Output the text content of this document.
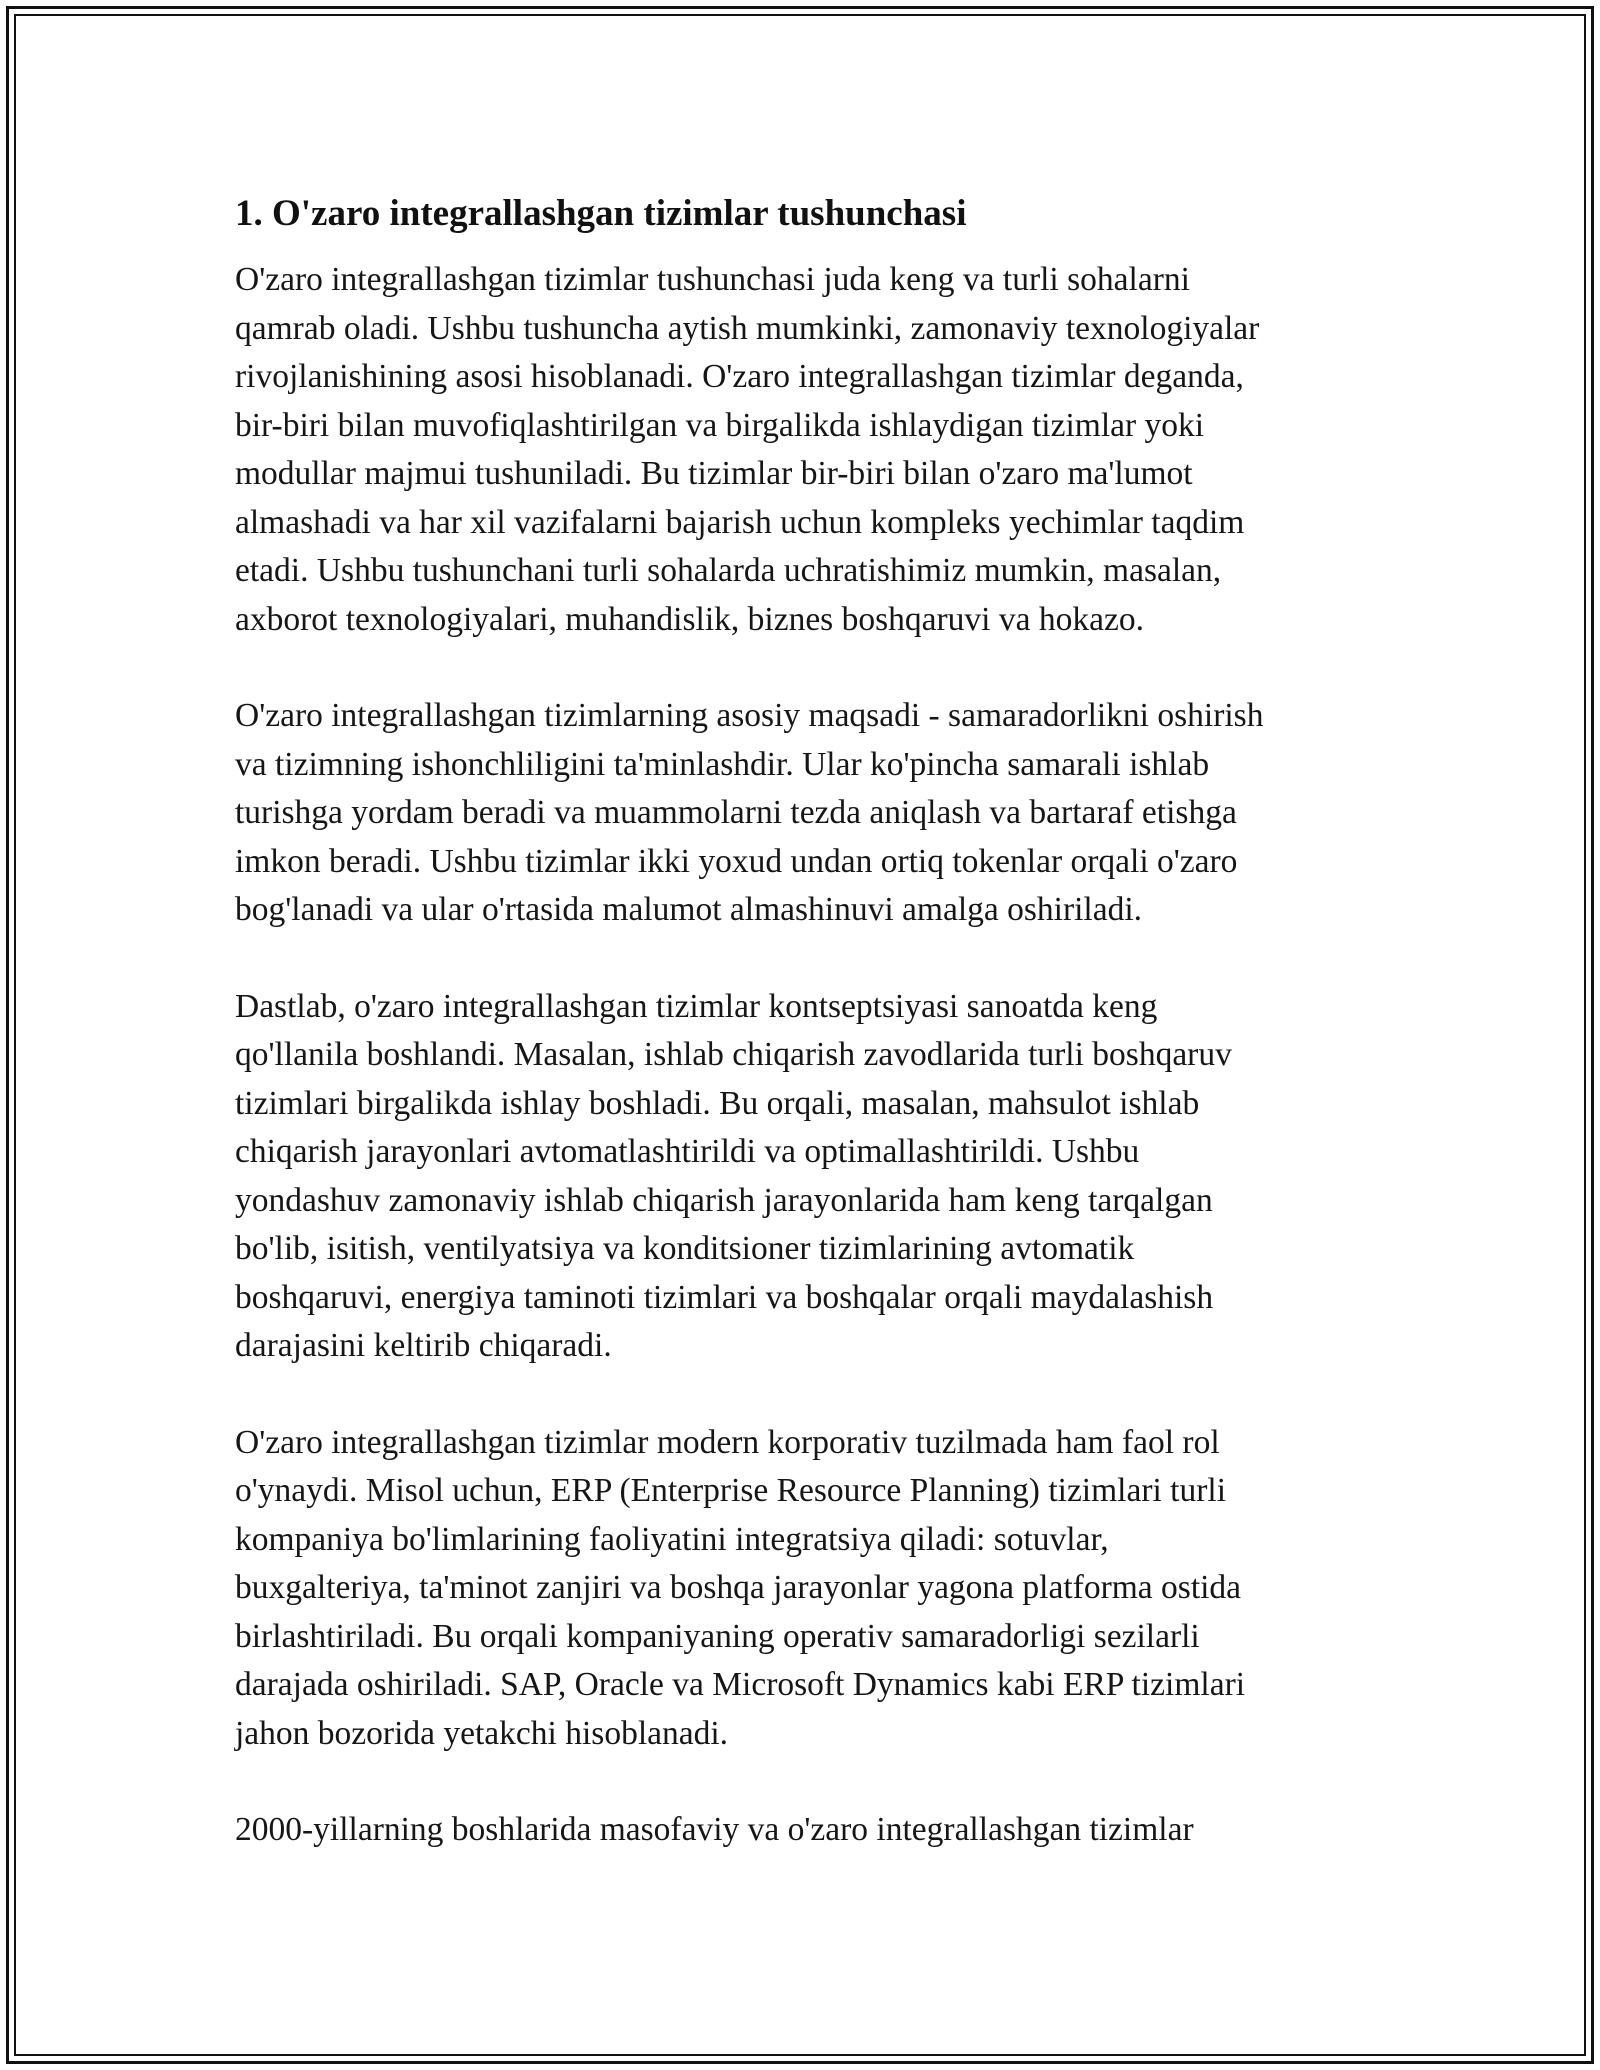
1. O'zaro integrallashgan tizimlar tushunchasi

O'zaro integrallashgan tizimlar tushunchasi juda keng va turli sohalarni
qamrab oladi. Ushbu tushuncha aytish mumkinki, zamonaviy texnologiyalar
rivojlanishining asosi hisoblanadi. O'zaro integrallashgan tizimlar deganda,
bir-biri bilan muvofiqlashtirilgan va birgalikda ishlaydigan tizimlar yoki
modullar majmui tushuniladi. Bu tizimlar bir-biri bilan o'zaro ma'lumot
almashadi va har xil vazifalarni bajarish uchun kompleks yechimlar taqdim
etadi. Ushbu tushunchani turli sohalarda uchratishimiz mumkin, masalan,
axborot texnologiyalari, muhandislik, biznes boshqaruvi va hokazo.

O'zaro integrallashgan tizimlarning asosiy maqsadi - samaradorlikni oshirish
va tizimning ishonchliligini ta'minlashdir. Ular ko'pincha samarali ishlab
turishga yordam beradi va muammolarni tezda aniqlash va bartaraf etishga
imkon beradi. Ushbu tizimlar ikki yoxud undan ortiq tokenlar orqali o'zaro
bog'lanadi va ular o'rtasida malumot almashinuvi amalga oshiriladi.

Dastlab, o'zaro integrallashgan tizimlar kontseptsiyasi sanoatda keng
qo'llanila boshlandi. Masalan, ishlab chiqarish zavodlarida turli boshqaruv
tizimlari birgalikda ishlay boshladi. Bu orqali, masalan, mahsulot ishlab
chiqarish jarayonlari avtomatlashtirildi va optimallashtirildi. Ushbu
yondashuv zamonaviy ishlab chiqarish jarayonlarida ham keng tarqalgan
bo'lib, isitish, ventilyatsiya va konditsioner tizimlarining avtomatik
boshqaruvi, energiya taminoti tizimlari va boshqalar orqali maydalashish
darajasini keltirib chiqaradi.

O'zaro integrallashgan tizimlar modern korporativ tuzilmada ham faol rol
o'ynaydi. Misol uchun, ERP (Enterprise Resource Planning) tizimlari turli
kompaniya bo'limlarining faoliyatini integratsiya qiladi: sotuvlar,
buxgalteriya, ta'minot zanjiri va boshqa jarayonlar yagona platforma ostida
birlashtiriladi. Bu orqali kompaniyaning operativ samaradorligi sezilarli
darajada oshiriladi. SAP, Oracle va Microsoft Dynamics kabi ERP tizimlari
jahon bozorida yetakchi hisoblanadi.

2000-yillarning boshlarida masofaviy va o'zaro integrallashgan tizimlar
